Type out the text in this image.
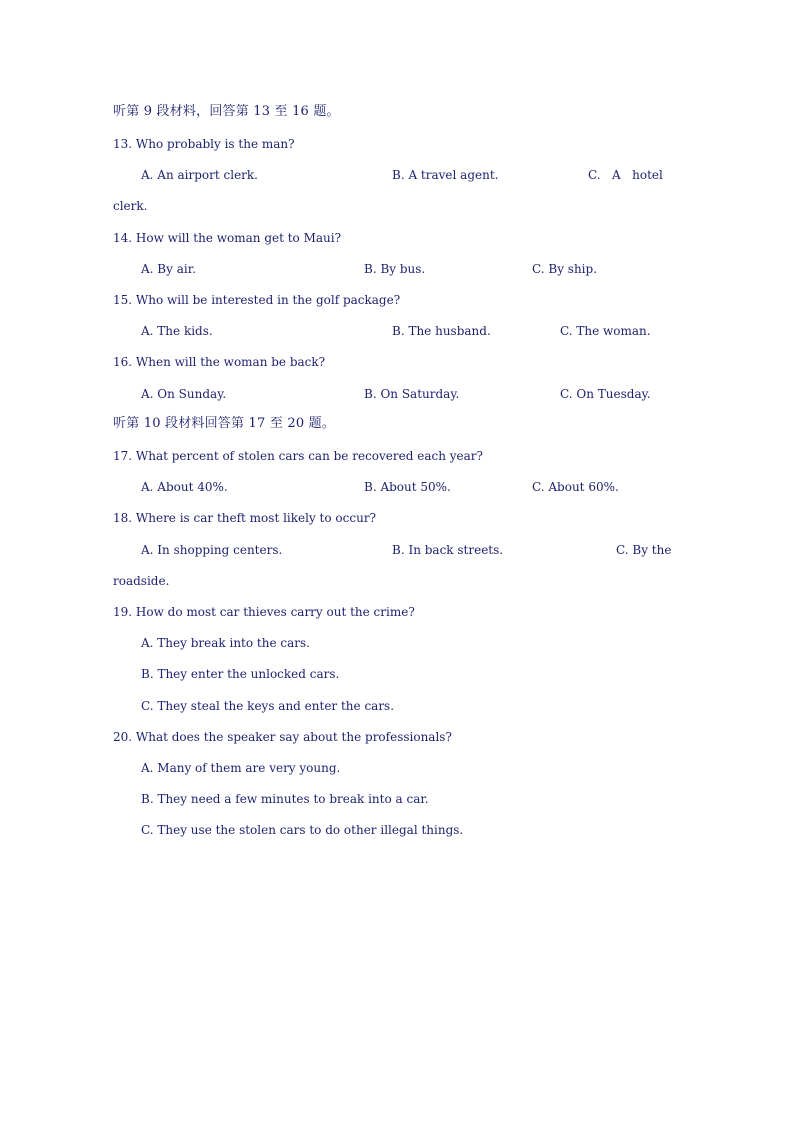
听第 9 段材料，回答第 13 至 16 题。
13. Who probably is the man?
A. An airport clerk.	B. A travel agent.	C.   A   hotel
clerk.
14. How will the woman get to Maui?
A. By air.	B. By bus.	C. By ship.
15. Who will be interested in the golf package?
A. The kids.	B. The husband.	C. The woman.
16. When will the woman be back?
A. On Sunday.	B. On Saturday.	C. On Tuesday.
听第 10 段材料回答第 17 至 20 题。
17. What percent of stolen cars can be recovered each year?
A. About 40%.	B. About 50%.	C. About 60%.
18. Where is car theft most likely to occur?
A. In shopping centers.	B. In back streets.	C. By the
roadside.
19. How do most car thieves carry out the crime?
A. They break into the cars.
B. They enter the unlocked cars.
C. They steal the keys and enter the cars.
20. What does the speaker say about the professionals?
A. Many of them are very young.
B. They need a few minutes to break into a car.
C. They use the stolen cars to do other illegal things.
